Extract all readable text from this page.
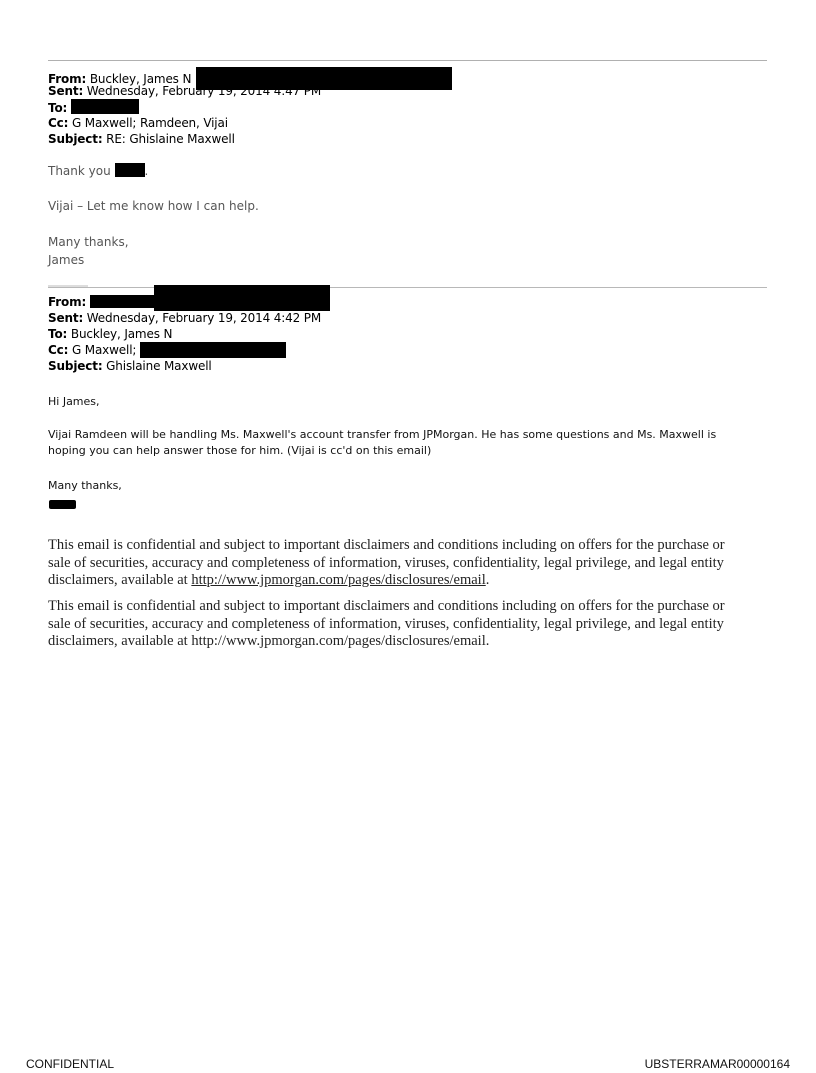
From: Buckley, James N
Sent: Wednesday, February 19, 2014 4:47 PM
To:
Cc: G Maxwell; Ramdeen, Vijai
Subject: RE: Ghislaine Maxwell
Thank you	.
Vijai – Let me know how I can help.
Many thanks,
James
From:
Sent: Wednesday, February 19, 2014 4:42 PM
To: Buckley, James N
Cc: G Maxwell;
Subject: Ghislaine Maxwell
Hi James,
Vijai Ramdeen will be handling Ms. Maxwell's account transfer from JPMorgan. He has some questions and Ms. Maxwell is hoping you can help answer those for him. (Vijai is cc'd on this email)
Many thanks,
This email is confidential and subject to important disclaimers and conditions including on offers for the purchase or sale of securities, accuracy and completeness of information, viruses, confidentiality, legal privilege, and legal entity disclaimers, available at http://www.jpmorgan.com/pages/disclosures/email.
This email is confidential and subject to important disclaimers and conditions including on offers for the purchase or sale of securities, accuracy and completeness of information, viruses, confidentiality, legal privilege, and legal entity disclaimers, available at http://www.jpmorgan.com/pages/disclosures/email.
CONFIDENTIAL	UBSTERRAMAR00000164
